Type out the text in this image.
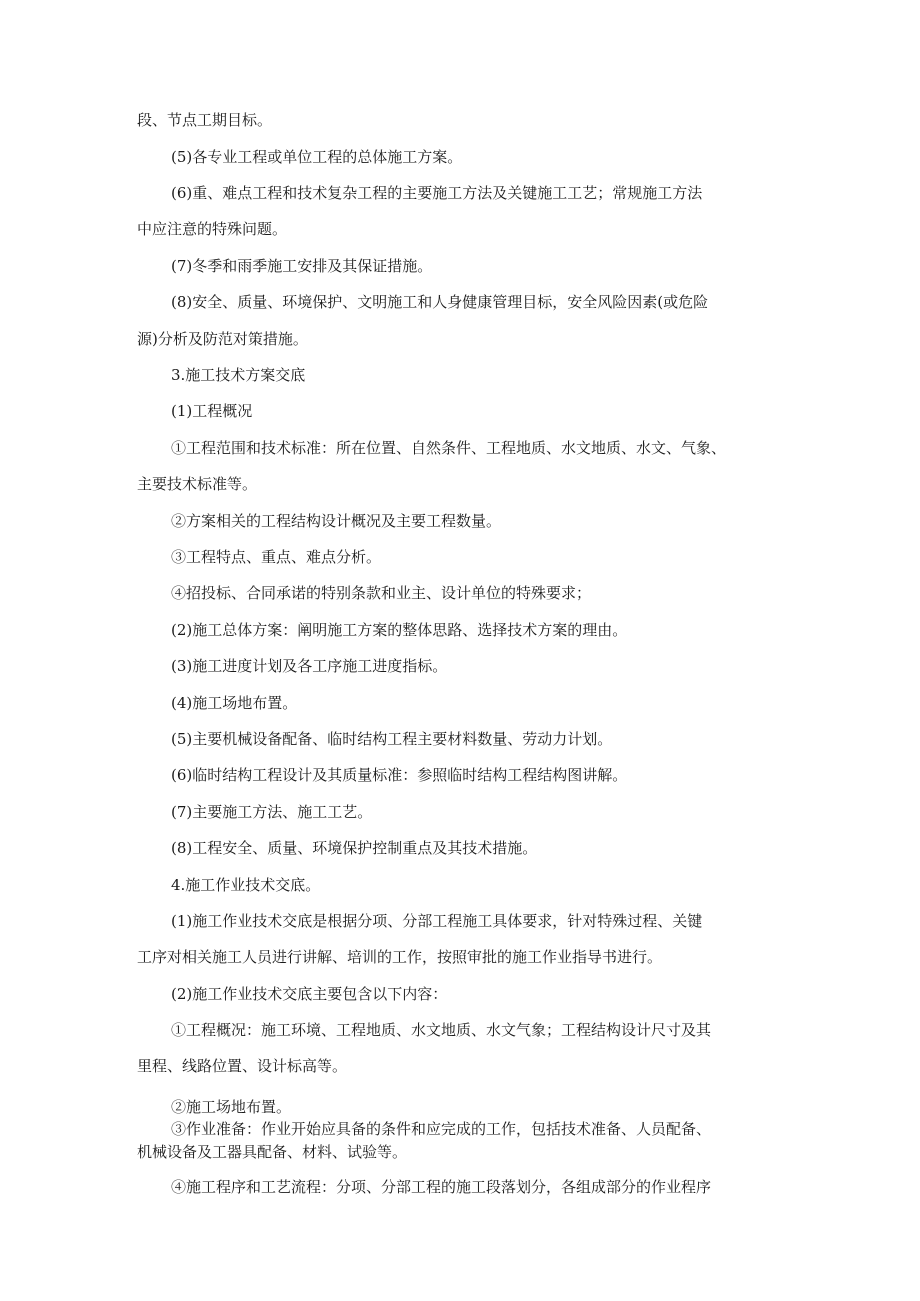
段、节点工期目标。
(5)各专业工程或单位工程的总体施工方案。
(6)重、难点工程和技术复杂工程的主要施工方法及关键施工工艺；常规施工方法
中应注意的特殊问题。
(7)冬季和雨季施工安排及其保证措施。
(8)安全、质量、环境保护、文明施工和人身健康管理目标，安全风险因素(或危险
源)分析及防范对策措施。
3.施工技术方案交底
(1)工程概况
①工程范围和技术标准：所在位置、自然条件、工程地质、水文地质、水文、气象、
主要技术标准等。
②方案相关的工程结构设计概况及主要工程数量。
③工程特点、重点、难点分析。
④招投标、合同承诺的特别条款和业主、设计单位的特殊要求；
(2)施工总体方案：阐明施工方案的整体思路、选择技术方案的理由。
(3)施工进度计划及各工序施工进度指标。
(4)施工场地布置。
(5)主要机械设备配备、临时结构工程主要材料数量、劳动力计划。
(6)临时结构工程设计及其质量标准：参照临时结构工程结构图讲解。
(7)主要施工方法、施工工艺。
(8)工程安全、质量、环境保护控制重点及其技术措施。
4.施工作业技术交底。
(1)施工作业技术交底是根据分项、分部工程施工具体要求，针对特殊过程、关键
工序对相关施工人员进行讲解、培训的工作，按照审批的施工作业指导书进行。
(2)施工作业技术交底主要包含以下内容：
①工程概况：施工环境、工程地质、水文地质、水文气象；工程结构设计尺寸及其
里程、线路位置、设计标高等。
②施工场地布置。
③作业准备：作业开始应具备的条件和应完成的工作，包括技术准备、人员配备、
机械设备及工器具配备、材料、试验等。
④施工程序和工艺流程：分项、分部工程的施工段落划分，各组成部分的作业程序
